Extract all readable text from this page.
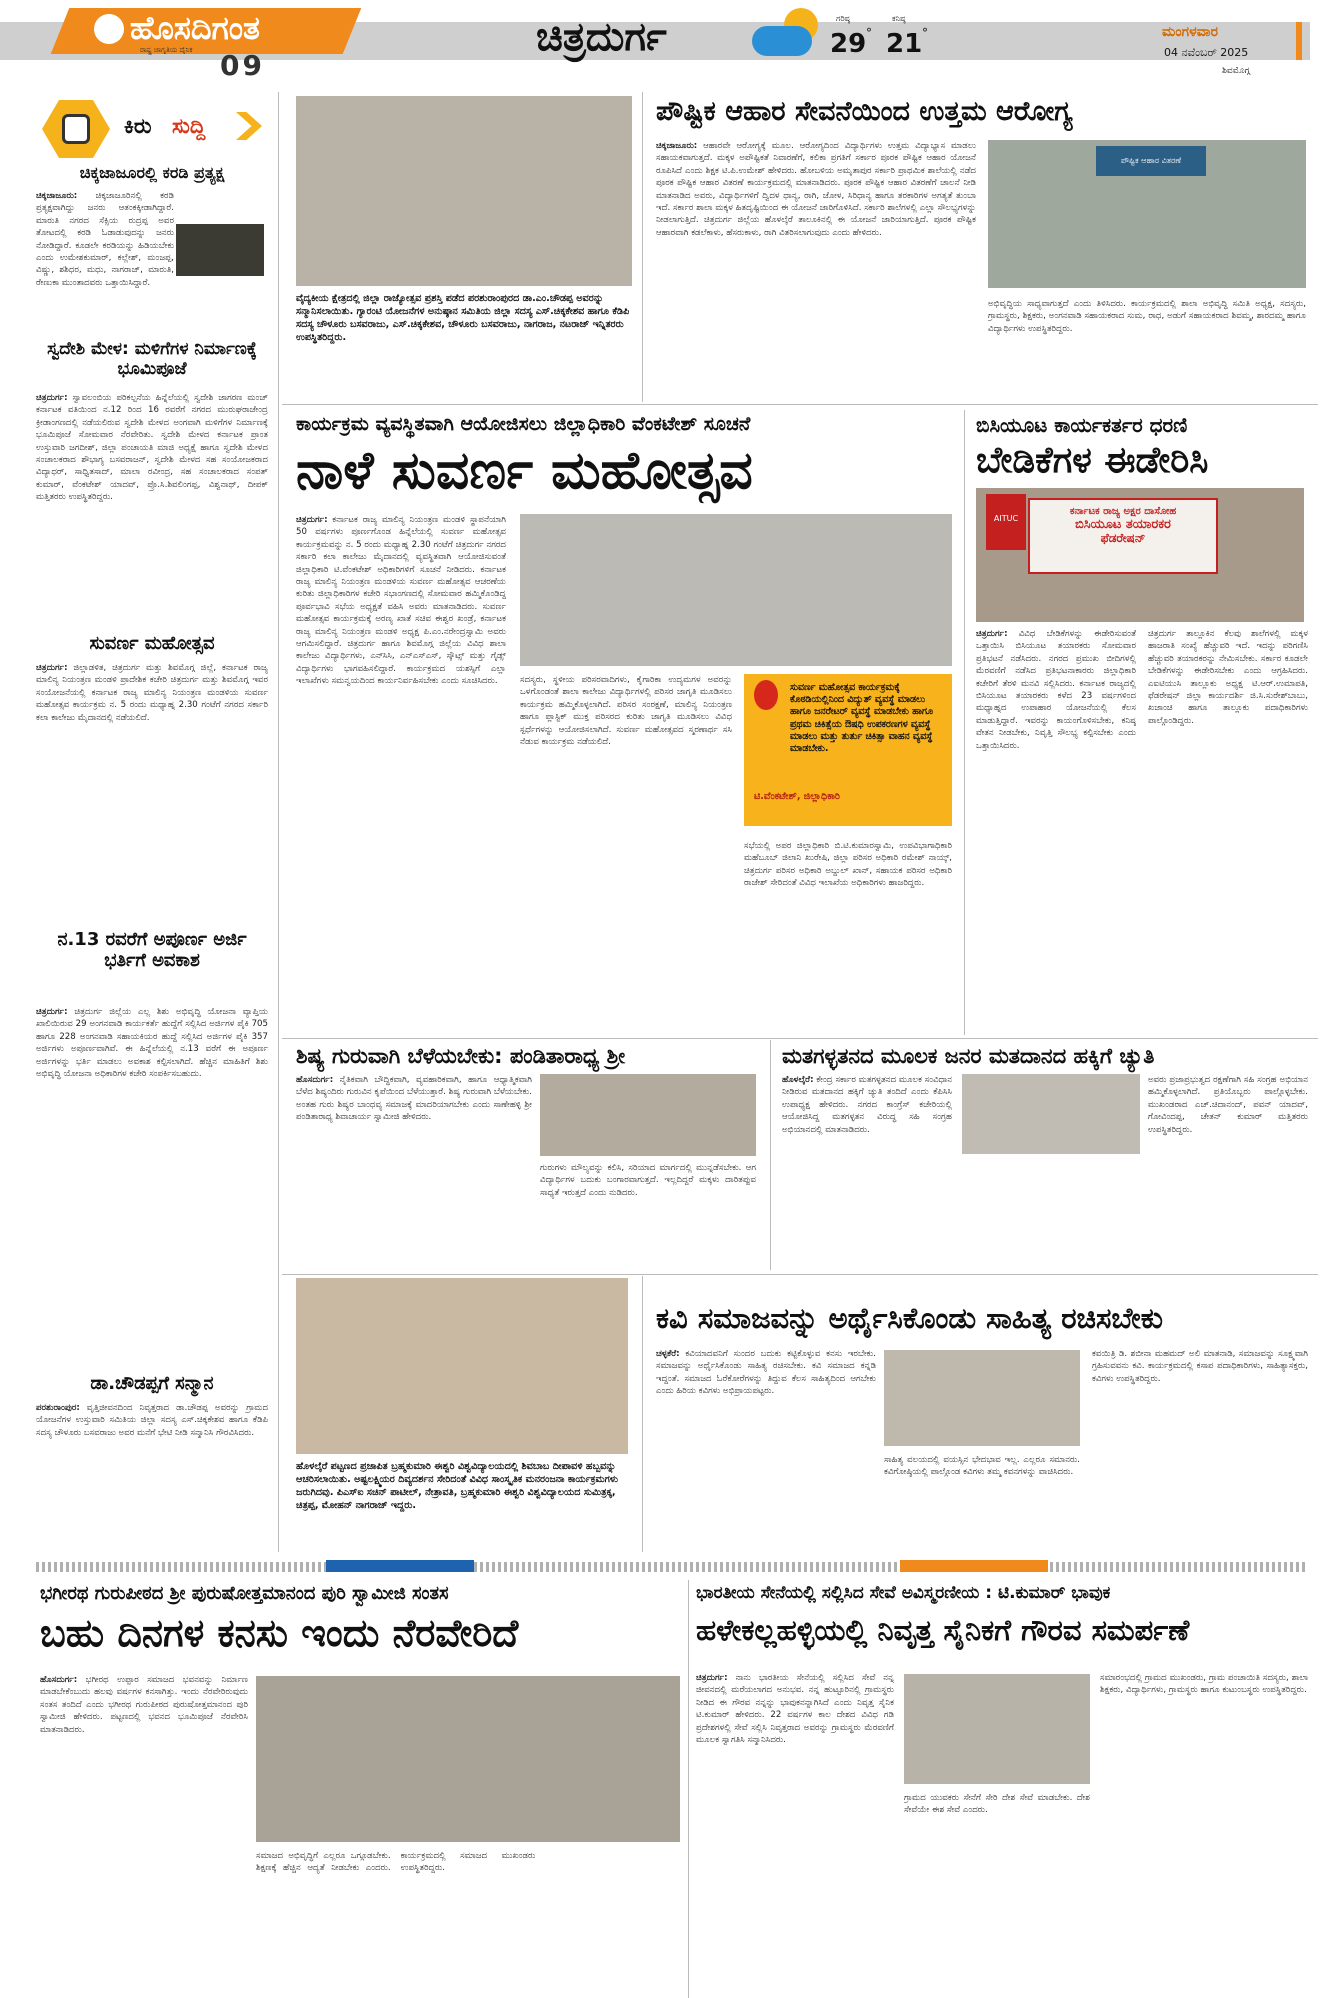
ಹೊಸದಿಗಂತ
ರಾಷ್ಟ್ರ ಜಾಗೃತಿಯ ದೈನಿಕ 09
ಚಿತ್ರದುರ್ಗ	ಗರಿಷ್ಠ
29 °
ಕನಿಷ್ಠ
21 °	ಮಂಗಳವಾರ
04 ನವೆಂಬರ್ 2025
ಶಿವಮೊಗ್ಗ
ಕಿರು ಸುದ್ದಿ
ಚಿಕ್ಕಜಾಜೂರಲ್ಲಿ ಕರಡಿ ಪ್ರತ್ಯಕ್ಷ
ಚಿಕ್ಕಜಾಜೂರು: ಚಿಕ್ಕಜಾಜೂರಿನಲ್ಲಿ ಕರಡಿ ಪ್ರತ್ಯಕ್ಷವಾಗಿದ್ದು ಜನರು ಆತಂಕಕ್ಕೀಡಾಗಿದ್ದಾರೆ. ಮಾರುತಿ ನಗರದ ಸೆಕ್ಸಿಯ ರುದ್ರಪ್ಪ ಅವರ ತೋಟದಲ್ಲಿ ಕರಡಿ ಓಡಾಡುವುದನ್ನು ಜನರು ನೋಡಿದ್ದಾರೆ. ಕೂಡಲೇ ಕರಡಿಯನ್ನು ಹಿಡಿಯಬೇಕು ಎಂದು ಉಮೇಶಕುಮಾರ್, ಕಲ್ಲೇಶ್, ಮಂಜಪ್ಪ, ವಿಷ್ಣು, ಶಶಿಧರ, ಮಧು, ನಾಗರಾಜ್, ಮಾರುತಿ, ರೇಣುಕಾ ಮುಂತಾದವರು ಒತ್ತಾಯಿಸಿದ್ದಾರೆ.
ಸ್ವದೇಶಿ ಮೇಳ: ಮಳಿಗೆಗಳ ನಿರ್ಮಾಣಕ್ಕೆ ಭೂಮಿಪೂಜೆ
ಚಿತ್ರದುರ್ಗ: ಸ್ವಾವಲಂಬಿಯ ಪರಿಕಲ್ಪನೆಯ ಹಿನ್ನೆಲೆಯಲ್ಲಿ ಸ್ವದೇಶಿ ಜಾಗರಣ ಮಂಚ್ ಕರ್ನಾಟಕ ವತಿಯಿಂದ ನ.12 ರಿಂದ 16 ರವರೆಗೆ ನಗರದ ಮುರುಘರಾಜೇಂದ್ರ ಕ್ರೀಡಾಂಗಣದಲ್ಲಿ ನಡೆಯಲಿರುವ ಸ್ವದೇಶಿ ಮೇಳದ ಅಂಗವಾಗಿ ಮಳಿಗೆಗಳ ನಿರ್ಮಾಣಕ್ಕೆ ಭೂಮಿಪೂಜೆ ಸೋಮವಾರ ನೆರವೇರಿತು. ಸ್ವದೇಶಿ ಮೇಳದ ಕರ್ನಾಟಕ ಪ್ರಾಂತ ಉಸ್ತುವಾರಿ ಜಗದೀಶ್, ಜಿಲ್ಲಾ ಪಂಚಾಯತಿ ಮಾಜಿ ಅಧ್ಯಕ್ಷೆ ಹಾಗೂ ಸ್ವದೇಶಿ ಮೇಳದ ಸಂಚಾಲಕರಾದ ಶೌಭಾಗ್ಯ ಬಸವರಾಜನ್, ಸ್ವದೇಶಿ ಮೇಳದ ಸಹ ಸಂಯೋಜಕರಾದ ವಿದ್ಯಾಧರ್, ಸಾಧ್ವಿತಸಾದ್, ಮಾಲಾ ರವೀಂದ್ರ, ಸಹ ಸಂಚಾಲಕರಾದ ಸಂಪತ್ ಕುಮಾರ್, ವೆಂಕಟೇಶ್ ಯಾದವ್, ಪ್ರೊ.ಸಿ.ಶಿವಲಿಂಗಪ್ಪ, ವಿಶ್ವನಾಥ್, ದೀಪಕ್ ಮತ್ತಿತರರು ಉಪಸ್ಥಿತರಿದ್ದರು.
ಸುವರ್ಣ ಮಹೋತ್ಸವ
ಚಿತ್ರದುರ್ಗ: ಜಿಲ್ಲಾಡಳಿತ, ಚಿತ್ರದುರ್ಗ ಮತ್ತು ಶಿವಮೊಗ್ಗ ಜಿಲ್ಲೆ, ಕರ್ನಾಟಕ ರಾಜ್ಯ ಮಾಲಿನ್ಯ ನಿಯಂತ್ರಣ ಮಂಡಳಿ ಪ್ರಾದೇಶಿಕ ಕಚೇರಿ ಚಿತ್ರದುರ್ಗ ಮತ್ತು ಶಿವಮೊಗ್ಗ ಇವರ ಸಂಯೋಜನೆಯಲ್ಲಿ ಕರ್ನಾಟಕ ರಾಜ್ಯ ಮಾಲಿನ್ಯ ನಿಯಂತ್ರಣ ಮಂಡಳಿಯ ಸುವರ್ಣ ಮಹೋತ್ಸವ ಕಾರ್ಯಕ್ರಮ ನ. 5 ರಂದು ಮಧ್ಯಾಹ್ನ 2.30 ಗಂಟೆಗೆ ನಗರದ ಸರ್ಕಾರಿ ಕಲಾ ಕಾಲೇಜು ಮೈದಾನದಲ್ಲಿ ನಡೆಯಲಿದೆ.
ನ.13 ರವರೆಗೆ ಅಪೂರ್ಣ ಅರ್ಜಿ ಭರ್ತಿಗೆ ಅವಕಾಶ
ಚಿತ್ರದುರ್ಗ: ಚಿತ್ರದುರ್ಗ ಜಿಲ್ಲೆಯ ಎಲ್ಲ ಶಿಶು ಅಭಿವೃದ್ಧಿ ಯೋಜನಾ ವ್ಯಾಪ್ತಿಯ ಖಾಲಿಯಿರುವ 29 ಅಂಗನವಾಡಿ ಕಾರ್ಯಕರ್ತೆ ಹುದ್ದೆಗೆ ಸಲ್ಲಿಸಿದ ಅರ್ಜಿಗಳ ಪೈಕಿ 705 ಹಾಗೂ 228 ಅಂಗನವಾಡಿ ಸಹಾಯಕಿಯರ ಹುದ್ದೆ ಸಲ್ಲಿಸಿದ ಅರ್ಜಿಗಳ ಪೈಕಿ 357 ಅರ್ಜಿಗಳು ಅಪೂರ್ಣವಾಗಿವೆ. ಈ ಹಿನ್ನೆಲೆಯಲ್ಲಿ ನ.13 ವರೆಗೆ ಈ ಅಪೂರ್ಣ ಅರ್ಜಿಗಳನ್ನು ಭರ್ತಿ ಮಾಡಲು ಅವಕಾಶ ಕಲ್ಪಿಸಲಾಗಿದೆ. ಹೆಚ್ಚಿನ ಮಾಹಿತಿಗೆ ಶಿಶು ಅಭಿವೃದ್ಧಿ ಯೋಜನಾ ಅಧಿಕಾರಿಗಳ ಕಚೇರಿ ಸಂಪರ್ಕಿಸಬಹುದು.
ಡಾ.ಚೌಡಪ್ಪಗೆ ಸನ್ಮಾನ
ಪರಶುರಾಂಪುರ: ವೃತ್ತಿಜೀವನದಿಂದ ನಿವೃತ್ತರಾದ ಡಾ.ಚೌಡಪ್ಪ ಅವರನ್ನು ಗ್ರಾಮದ ಯೋಜನೆಗಳ ಉಸ್ತುವಾರಿ ಸಮಿತಿಯ ಜಿಲ್ಲಾ ಸದಸ್ಯ ಎಸ್.ಚಿಕ್ಕಕೇಶವ ಹಾಗೂ ಕೆಡಿಪಿ ಸದಸ್ಯ ಚೌಳೂರು ಬಸವರಾಜು ಅವರ ಮನೆಗೆ ಭೇಟಿ ನೀಡಿ ಸನ್ಮಾನಿಸಿ ಗೌರವಿಸಿದರು.
ವೈದ್ಯಕೀಯ ಕ್ಷೇತ್ರದಲ್ಲಿ ಜಿಲ್ಲಾ ರಾಜ್ಯೋತ್ಸವ ಪ್ರಶಸ್ತಿ ಪಡೆದ ಪರಶುರಾಂಪುರದ ಡಾ.ಎಂ.ಚೌಡಪ್ಪ ಅವರನ್ನು ಸನ್ಮಾನಿಸಲಾಯಿತು. ಗ್ಯಾರಂಟಿ ಯೋಜನೆಗಳ ಅನುಷ್ಠಾನ ಸಮಿತಿಯ ಜಿಲ್ಲಾ ಸದಸ್ಯ ಎಸ್.ಚಿಕ್ಕಕೇಶವ ಹಾಗೂ ಕೆಡಿಪಿ ಸದಸ್ಯ ಚೌಳೂರು ಬಸವರಾಜು, ಎಸ್.ಚಿಕ್ಕಕೇಶವ, ಚೌಳೂರು ಬಸವರಾಜು, ನಾಗರಾಜ, ನಟರಾಜ್ ಇನ್ನಿತರರು ಉಪಸ್ಥಿತರಿದ್ದರು.
ಪೌಷ್ಟಿಕ ಆಹಾರ ಸೇವನೆಯಿಂದ ಉತ್ತಮ ಆರೋಗ್ಯ
ಚಿಕ್ಕಜಾಜೂರು: ಆಹಾರವೇ ಆರೋಗ್ಯಕ್ಕೆ ಮೂಲ. ಆರೋಗ್ಯದಿಂದ ವಿದ್ಯಾರ್ಥಿಗಳು ಉತ್ತಮ ವಿದ್ಯಾಭ್ಯಾಸ ಮಾಡಲು ಸಹಾಯಕವಾಗುತ್ತದೆ. ಮಕ್ಕಳ ಅಪೌಷ್ಟಿಕತೆ ನಿವಾರಣೆಗೆ, ಕಲಿಕಾ ಪ್ರಗತಿಗೆ ಸರ್ಕಾರ ಪೂರಕ ಪೌಷ್ಟಿಕ ಆಹಾರ ಯೋಜನೆ ರೂಪಿಸಿದೆ ಎಂದು ಶಿಕ್ಷಕ ಟಿ.ಪಿ.ಉಮೇಶ್ ಹೇಳಿದರು. ಹೋಬಳಿಯ ಅಮೃತಾಪುರ ಸರ್ಕಾರಿ ಪ್ರಾಥಮಿಕ ಶಾಲೆಯಲ್ಲಿ ನಡೆದ ಪೂರಕ ಪೌಷ್ಟಿಕ ಆಹಾರ ವಿತರಣೆ ಕಾರ್ಯಕ್ರಮದಲ್ಲಿ ಮಾತನಾಡಿದರು. ಪೂರಕ ಪೌಷ್ಟಿಕ ಆಹಾರ ವಿತರಣೆಗೆ ಚಾಲನೆ ನೀಡಿ ಮಾತನಾಡಿದ ಅವರು, ವಿದ್ಯಾರ್ಥಿಗಳಿಗೆ ದ್ವಿದಳ ಧಾನ್ಯ, ರಾಗಿ, ಜೋಳ, ಸಿರಿಧಾನ್ಯ ಹಾಗೂ ತರಕಾರಿಗಳ ಅಗತ್ಯತೆ ತುಂಬಾ ಇದೆ. ಸರ್ಕಾರ ಶಾಲಾ ಮಕ್ಕಳ ಹಿತದೃಷ್ಟಿಯಿಂದ ಈ ಯೋಜನೆ ಜಾರಿಗೊಳಿಸಿದೆ. ಸರ್ಕಾರಿ ಶಾಲೆಗಳಲ್ಲಿ ಎಲ್ಲಾ ಸೌಲಭ್ಯಗಳನ್ನು ನೀಡಲಾಗುತ್ತಿದೆ. ಚಿತ್ರದುರ್ಗ ಜಿಲ್ಲೆಯ ಹೊಳಲ್ಕೆರೆ ತಾಲೂಕಿನಲ್ಲಿ ಈ ಯೋಜನೆ ಜಾರಿಯಾಗುತ್ತಿದೆ. ಪೂರಕ ಪೌಷ್ಟಿಕ ಆಹಾರವಾಗಿ ಕಡಲೆಕಾಳು, ಹೆಸರುಕಾಳು, ರಾಗಿ ವಿತರಿಸಲಾಗುವುದು ಎಂದು ಹೇಳಿದರು.
ಪೌಷ್ಟಿಕ ಆಹಾರ ವಿತರಣೆ
ಅಭಿವೃದ್ಧಿಯ ಸಾಧ್ಯವಾಗುತ್ತದೆ ಎಂದು ತಿಳಿಸಿದರು. ಕಾರ್ಯಕ್ರಮದಲ್ಲಿ ಶಾಲಾ ಅಭಿವೃದ್ಧಿ ಸಮಿತಿ ಅಧ್ಯಕ್ಷ, ಸದಸ್ಯರು, ಗ್ರಾಮಸ್ಥರು, ಶಿಕ್ಷಕರು, ಅಂಗನವಾಡಿ ಸಹಾಯಕರಾದ ಸುಮ, ರಾಧ, ಅಡುಗೆ ಸಹಾಯಕರಾದ ಶಿವಮ್ಮ, ಶಾರದಮ್ಮ ಹಾಗೂ ವಿದ್ಯಾರ್ಥಿಗಳು ಉಪಸ್ಥಿತರಿದ್ದರು.
ಕಾರ್ಯಕ್ರಮ ವ್ಯವಸ್ಥಿತವಾಗಿ ಆಯೋಜಿಸಲು ಜಿಲ್ಲಾಧಿಕಾರಿ ವೆಂಕಟೇಶ್ ಸೂಚನೆ
ನಾಳೆ ಸುವರ್ಣ ಮಹೋತ್ಸವ
ಚಿತ್ರದುರ್ಗ: ಕರ್ನಾಟಕ ರಾಜ್ಯ ಮಾಲಿನ್ಯ ನಿಯಂತ್ರಣ ಮಂಡಳಿ ಸ್ಥಾಪನೆಯಾಗಿ 50 ವರ್ಷಗಳು ಪೂರ್ಣಗೊಂಡ ಹಿನ್ನೆಲೆಯಲ್ಲಿ ಸುವರ್ಣ ಮಹೋತ್ಸವ ಕಾರ್ಯಕ್ರಮವನ್ನು ನ. 5 ರಂದು ಮಧ್ಯಾಹ್ನ 2.30 ಗಂಟೆಗೆ ಚಿತ್ರದುರ್ಗ ನಗರದ ಸರ್ಕಾರಿ ಕಲಾ ಕಾಲೇಜು ಮೈದಾನದಲ್ಲಿ ವ್ಯವಸ್ಥಿತವಾಗಿ ಆಯೋಜಿಸುವಂತೆ ಜಿಲ್ಲಾಧಿಕಾರಿ ಟಿ.ವೆಂಕಟೇಶ್ ಅಧಿಕಾರಿಗಳಿಗೆ ಸೂಚನೆ ನೀಡಿದರು. ಕರ್ನಾಟಕ ರಾಜ್ಯ ಮಾಲಿನ್ಯ ನಿಯಂತ್ರಣ ಮಂಡಳಿಯ ಸುವರ್ಣ ಮಹೋತ್ಸವ ಆಚರಣೆಯ ಕುರಿತು ಜಿಲ್ಲಾಧಿಕಾರಿಗಳ ಕಚೇರಿ ಸಭಾಂಗಣದಲ್ಲಿ ಸೋಮವಾರ ಹಮ್ಮಿಕೊಂಡಿದ್ದ ಪೂರ್ವಭಾವಿ ಸಭೆಯ ಅಧ್ಯಕ್ಷತೆ ವಹಿಸಿ ಅವರು ಮಾತನಾಡಿದರು. ಸುವರ್ಣ ಮಹೋತ್ಸವ ಕಾರ್ಯಕ್ರಮಕ್ಕೆ ಅರಣ್ಯ ಖಾತೆ ಸಚಿವ ಈಶ್ವರ ಖಂಡ್ರೆ, ಕರ್ನಾಟಕ ರಾಜ್ಯ ಮಾಲಿನ್ಯ ನಿಯಂತ್ರಣ ಮಂಡಳಿ ಅಧ್ಯಕ್ಷ ಪಿ.ಎಂ.ನರೇಂದ್ರಸ್ವಾಮಿ ಅವರು ಆಗಮಿಸಲಿದ್ದಾರೆ. ಚಿತ್ರದುರ್ಗ ಹಾಗೂ ಶಿವಮೊಗ್ಗ ಜಿಲ್ಲೆಯ ವಿವಿಧ ಶಾಲಾ ಕಾಲೇಜು ವಿದ್ಯಾರ್ಥಿಗಳು, ಎನ್‍ಸಿಸಿ, ಎನ್‍ಎಸ್‍ಎಸ್, ಸ್ಕೌಟ್ಸ್ ಮತ್ತು ಗೈಡ್ಸ್ ವಿದ್ಯಾರ್ಥಿಗಳು ಭಾಗವಹಿಸಲಿದ್ದಾರೆ. ಕಾರ್ಯಕ್ರಮದ ಯಶಸ್ಸಿಗೆ ಎಲ್ಲಾ ಇಲಾಖೆಗಳು ಸಮನ್ವಯದಿಂದ ಕಾರ್ಯನಿರ್ವಹಿಸಬೇಕು ಎಂದು ಸೂಚಿಸಿದರು.	ಸದಸ್ಯರು, ಸ್ಥಳೀಯ ಪರಿಸರವಾದಿಗಳು, ಕೈಗಾರಿಕಾ ಉದ್ಯಮಗಳ ಅವರನ್ನು ಒಳಗೊಂಡಂತೆ ಶಾಲಾ ಕಾಲೇಜು ವಿದ್ಯಾರ್ಥಿಗಳಲ್ಲಿ ಪರಿಸರ ಜಾಗೃತಿ ಮೂಡಿಸಲು ಕಾರ್ಯಕ್ರಮ ಹಮ್ಮಿಕೊಳ್ಳಲಾಗಿದೆ. ಪರಿಸರ ಸಂರಕ್ಷಣೆ, ಮಾಲಿನ್ಯ ನಿಯಂತ್ರಣ ಹಾಗೂ ಪ್ಲಾಸ್ಟಿಕ್ ಮುಕ್ತ ಪರಿಸರದ ಕುರಿತು ಜಾಗೃತಿ ಮೂಡಿಸಲು ವಿವಿಧ ಸ್ಪರ್ಧೆಗಳನ್ನು ಆಯೋಜಿಸಲಾಗಿದೆ. ಸುವರ್ಣ ಮಹೋತ್ಸವದ ಸ್ಮರಣಾರ್ಥ ಸಸಿ ನೆಡುವ ಕಾರ್ಯಕ್ರಮ ನಡೆಯಲಿದೆ.
ಸುವರ್ಣ ಮಹೋತ್ಸವ ಕಾರ್ಯಕ್ರಮಕ್ಕೆ ಕೊಠಡಿಯಲ್ಲಿನಿಂದ ವಿದ್ಯುತ್ ವ್ಯವಸ್ಥೆ ಮಾಡಲು ಹಾಗೂ ಜನರೇಟರ್ ವ್ಯವಸ್ಥೆ ಮಾಡಬೇಕು ಹಾಗೂ ಪ್ರಥಮ ಚಿಕಿತ್ಸೆಯ ಔಷಧಿ ಉಪಕರಣಗಳ ವ್ಯವಸ್ಥೆ ಮಾಡಲು ಮತ್ತು ತುರ್ತು ಚಿಕಿತ್ಸಾ ವಾಹನ ವ್ಯವಸ್ಥೆ ಮಾಡಬೇಕು.
ಟಿ.ವೆಂಕಟೇಶ್, ಜಿಲ್ಲಾಧಿಕಾರಿ
ಸಭೆಯಲ್ಲಿ ಅಪರ ಜಿಲ್ಲಾಧಿಕಾರಿ ಬಿ.ಟಿ.ಕುಮಾರಸ್ವಾಮಿ, ಉಪವಿಭಾಗಾಧಿಕಾರಿ ಮಹೆಬೂಬ್ ಜಿಲಾನಿ ಖುರೇಷಿ, ಜಿಲ್ಲಾ ಪರಿಸರ ಅಧಿಕಾರಿ ರಮೇಶ್ ನಾಯ್ಕ್, ಚಿತ್ರದುರ್ಗ ಪರಿಸರ ಅಧಿಕಾರಿ ಅಬ್ದುಲ್ ಖಾನ್, ಸಹಾಯಕ ಪರಿಸರ ಅಧಿಕಾರಿ ರಾಜೇಶ್ ಸೇರಿದಂತೆ ವಿವಿಧ ಇಲಾಖೆಯ ಅಧಿಕಾರಿಗಳು ಹಾಜರಿದ್ದರು.
ಬಿಸಿಯೂಟ ಕಾರ್ಯಕರ್ತರ ಧರಣಿ
ಬೇಡಿಕೆಗಳ ಈಡೇರಿಸಿ
ಕರ್ನಾಟಕ ರಾಜ್ಯ ಅಕ್ಷರ ದಾಸೋಹ
ಬಿಸಿಯೂಟ ತಯಾರಕರ
ಫೆಡರೇಷನ್
AITUC
ಚಿತ್ರದುರ್ಗ: ವಿವಿಧ ಬೇಡಿಕೆಗಳನ್ನು ಈಡೇರಿಸುವಂತೆ ಒತ್ತಾಯಿಸಿ ಬಿಸಿಯೂಟ ತಯಾರಕರು ಸೋಮವಾರ ಪ್ರತಿಭಟನೆ ನಡೆಸಿದರು. ನಗರದ ಪ್ರಮುಖ ಬೀದಿಗಳಲ್ಲಿ ಮೆರವಣಿಗೆ ನಡೆಸಿದ ಪ್ರತಿಭಟನಾಕಾರರು ಜಿಲ್ಲಾಧಿಕಾರಿ ಕಚೇರಿಗೆ ತೆರಳಿ ಮನವಿ ಸಲ್ಲಿಸಿದರು. ಕರ್ನಾಟಕ ರಾಜ್ಯದಲ್ಲಿ ಬಿಸಿಯೂಟ ತಯಾರಕರು ಕಳೆದ 23 ವರ್ಷಗಳಿಂದ ಮಧ್ಯಾಹ್ನದ ಉಪಾಹಾರ ಯೋಜನೆಯಲ್ಲಿ ಕೆಲಸ ಮಾಡುತ್ತಿದ್ದಾರೆ. ಇವರನ್ನು ಕಾಯಂಗೊಳಿಸಬೇಕು, ಕನಿಷ್ಠ ವೇತನ ನೀಡಬೇಕು, ನಿವೃತ್ತಿ ಸೌಲಭ್ಯ ಕಲ್ಪಿಸಬೇಕು ಎಂದು ಒತ್ತಾಯಿಸಿದರು.
ಚಿತ್ರದುರ್ಗ ತಾಲ್ಲೂಕಿನ ಕೆಲವು ಶಾಲೆಗಳಲ್ಲಿ ಮಕ್ಕಳ ಹಾಜರಾತಿ ಸಂಖ್ಯೆ ಹೆಚ್ಚುವರಿ ಇದೆ. ಇದನ್ನು ಪರಿಗಣಿಸಿ ಹೆಚ್ಚುವರಿ ತಯಾರಕರನ್ನು ನೇಮಿಸಬೇಕು. ಸರ್ಕಾರ ಕೂಡಲೇ ಬೇಡಿಕೆಗಳನ್ನು ಈಡೇರಿಸಬೇಕು ಎಂದು ಆಗ್ರಹಿಸಿದರು. ಎಐಟಿಯುಸಿ ತಾಲ್ಲೂಕು ಅಧ್ಯಕ್ಷ ಟಿ.ಆರ್.ಉಮಾಪತಿ, ಫೆಡರೇಷನ್ ಜಿಲ್ಲಾ ಕಾರ್ಯದರ್ಶಿ ಜಿ.ಸಿ.ಸುರೇಶ್‍ಬಾಬು, ಖಜಾಂಚಿ ಹಾಗೂ ತಾಲ್ಲೂಕು ಪದಾಧಿಕಾರಿಗಳು ಪಾಲ್ಗೊಂಡಿದ್ದರು.
ಶಿಷ್ಯ ಗುರುವಾಗಿ ಬೆಳೆಯಬೇಕು: ಪಂಡಿತಾರಾಧ್ಯ ಶ್ರೀ
ಹೊಸದುರ್ಗ: ನೈತಿಕವಾಗಿ ಬೌದ್ಧಿಕವಾಗಿ, ವ್ಯವಹಾರಿಕವಾಗಿ, ಹಾಗೂ ಆಧ್ಯಾತ್ಮಿಕವಾಗಿ ಬೆಳೆದ ಶಿಷ್ಯಂದಿರು ಗುರುವಿನ ಕೃಪೆಯಿಂದ ಬೆಳೆಯುತ್ತಾರೆ. ಶಿಷ್ಯ ಗುರುವಾಗಿ ಬೆಳೆಯಬೇಕು. ಅಂತಹ ಗುರು ಶಿಷ್ಯರ ಬಾಂಧವ್ಯ ಸಮಾಜಕ್ಕೆ ಮಾದರಿಯಾಗಬೇಕು ಎಂದು ಸಾಣೇಹಳ್ಳಿ ಶ್ರೀ ಪಂಡಿತಾರಾಧ್ಯ ಶಿವಾಚಾರ್ಯ ಸ್ವಾಮೀಜಿ ಹೇಳಿದರು.
ಗುರುಗಳು ಮೌಲ್ಯವನ್ನು ಕಲಿಸಿ, ಸರಿಯಾದ ಮಾರ್ಗದಲ್ಲಿ ಮುನ್ನಡೆಸಬೇಕು. ಆಗ ವಿದ್ಯಾರ್ಥಿಗಳ ಬದುಕು ಬಂಗಾರವಾಗುತ್ತದೆ. ಇಲ್ಲದಿದ್ದರೆ ಮಕ್ಕಳು ದಾರಿತಪ್ಪುವ ಸಾಧ್ಯತೆ ಇರುತ್ತದೆ ಎಂದು ನುಡಿದರು.
ಮತಗಳ್ಳತನದ ಮೂಲಕ ಜನರ ಮತದಾನದ ಹಕ್ಕಿಗೆ ಚ್ಯುತಿ
ಹೊಳಲ್ಕೆರೆ: ಕೇಂದ್ರ ಸರ್ಕಾರ ಮತಗಳ್ಳತನದ ಮೂಲಕ ಸಂವಿಧಾನ ನೀಡಿರುವ ಮತದಾನದ ಹಕ್ಕಿಗೆ ಚ್ಯುತಿ ತಂದಿದೆ ಎಂದು ಕೆಪಿಸಿಸಿ ಉಪಾಧ್ಯಕ್ಷ ಹೇಳಿದರು. ನಗರದ ಕಾಂಗ್ರೆಸ್ ಕಚೇರಿಯಲ್ಲಿ ಆಯೋಜಿಸಿದ್ದ ಮತಗಳ್ಳತನ ವಿರುದ್ಧ ಸಹಿ ಸಂಗ್ರಹ ಅಭಿಯಾನದಲ್ಲಿ ಮಾತನಾಡಿದರು.
ಅವರು ಪ್ರಜಾಪ್ರಭುತ್ವದ ರಕ್ಷಣೆಗಾಗಿ ಸಹಿ ಸಂಗ್ರಹ ಅಭಿಯಾನ ಹಮ್ಮಿಕೊಳ್ಳಲಾಗಿದೆ. ಪ್ರತಿಯೊಬ್ಬರು ಪಾಲ್ಗೊಳ್ಳಬೇಕು. ಮುಖಂಡರಾದ ಎಚ್.ಚಿದಾನಂದ್, ಪವನ್ ಯಾದವ್, ಗೋವಿಂದಪ್ಪ, ಚೇತನ್ ಕುಮಾರ್ ಮತ್ತಿತರರು ಉಪಸ್ಥಿತರಿದ್ದರು.
ಹೊಳಲ್ಕೆರೆ ಪಟ್ಟಣದ ಪ್ರಜಾಪಿತ ಬ್ರಹ್ಮಕುಮಾರಿ ಈಶ್ವರಿ ವಿಶ್ವವಿದ್ಯಾಲಯದಲ್ಲಿ ಶಿವಬಾಬ ದೀಪಾವಳಿ ಹಬ್ಬವನ್ನು ಆಚರಿಸಲಾಯಿತು. ಅಷ್ಟಲಕ್ಷ್ಮಿಯರ ದಿವ್ಯದರ್ಶನ ಸೇರಿದಂತೆ ವಿವಿಧ ಸಾಂಸ್ಕೃತಿಕ ಮನರಂಜನಾ ಕಾರ್ಯಕ್ರಮಗಳು ಜರುಗಿದವು. ಪಿಎಸ್‍ಐ ಸಚಿನ್ ಪಾಟೀಲ್, ನೇತ್ರಾವತಿ, ಬ್ರಹ್ಮಕುಮಾರಿ ಈಶ್ವರಿ ವಿಶ್ವವಿದ್ಯಾಲಯದ ಸುಮಿತ್ರಕ್ಕ, ಚಿತ್ರಪ್ಪ, ಮೋಹನ್ ನಾಗರಾಜ್ ಇದ್ದರು.
ಕವಿ ಸಮಾಜವನ್ನು ಅರ್ಥೈಸಿಕೊಂಡು ಸಾಹಿತ್ಯ ರಚಿಸಬೇಕು
ಚಳ್ಳಕೆರೆ: ಕವಿಯಾದವನಿಗೆ ಸುಂದರ ಬದುಕು ಕಟ್ಟಿಕೊಳ್ಳುವ ಕನಸು ಇರಬೇಕು. ಸಮಾಜವನ್ನು ಅರ್ಥೈಸಿಕೊಂಡು ಸಾಹಿತ್ಯ ರಚಿಸಬೇಕು. ಕವಿ ಸಮಾಜದ ಕನ್ನಡಿ ಇದ್ದಂತೆ. ಸಮಾಜದ ಓರೆಕೋರೆಗಳನ್ನು ತಿದ್ದುವ ಕೆಲಸ ಸಾಹಿತ್ಯದಿಂದ ಆಗಬೇಕು ಎಂದು ಹಿರಿಯ ಕವಿಗಳು ಅಭಿಪ್ರಾಯಪಟ್ಟರು.
ಸಾಹಿತ್ಯ ವಲಯದಲ್ಲಿ ವಯಸ್ಸಿನ ಭೇದಭಾವ ಇಲ್ಲ. ಎಲ್ಲರೂ ಸಮಾನರು. ಕವಿಗೋಷ್ಠಿಯಲ್ಲಿ ಪಾಲ್ಗೊಂಡ ಕವಿಗಳು ತಮ್ಮ ಕವನಗಳನ್ನು ವಾಚಿಸಿದರು.
ಕವಯಿತ್ರಿ ಡಿ. ಶಬೀನಾ ಮಹಮದ್ ಅಲಿ ಮಾತನಾಡಿ, ಸಮಾಜವನ್ನು ಸೂಕ್ಷ್ಮವಾಗಿ ಗ್ರಹಿಸುವವನು ಕವಿ. ಕಾರ್ಯಕ್ರಮದಲ್ಲಿ ಕಸಾಪ ಪದಾಧಿಕಾರಿಗಳು, ಸಾಹಿತ್ಯಾಸಕ್ತರು, ಕವಿಗಳು ಉಪಸ್ಥಿತರಿದ್ದರು.
ಭಗೀರಥ ಗುರುಪೀಠದ ಶ್ರೀ ಪುರುಷೋತ್ತಮಾನಂದ ಪುರಿ ಸ್ವಾಮೀಜಿ ಸಂತಸ
ಬಹು ದಿನಗಳ ಕನಸು ಇಂದು ನೆರವೇರಿದೆ
ಹೊಸದುರ್ಗ: ಭಗೀರಥ ಉಪ್ಪಾರ ಸಮಾಜದ ಭವನವನ್ನು ನಿರ್ಮಾಣ ಮಾಡಬೇಕೆಂಬುದು ಹಲವು ವರ್ಷಗಳ ಕನಸಾಗಿತ್ತು. ಇಂದು ನೆರವೇರಿರುವುದು ಸಂತಸ ತಂದಿದೆ ಎಂದು ಭಗೀರಥ ಗುರುಪೀಠದ ಪುರುಷೋತ್ತಮಾನಂದ ಪುರಿ ಸ್ವಾಮೀಜಿ ಹೇಳಿದರು. ಪಟ್ಟಣದಲ್ಲಿ ಭವನದ ಭೂಮಿಪೂಜೆ ನೆರವೇರಿಸಿ ಮಾತನಾಡಿದರು.
ಸಮಾಜದ ಅಭಿವೃದ್ಧಿಗೆ ಎಲ್ಲರೂ ಒಗ್ಗೂಡಬೇಕು. ಶಿಕ್ಷಣಕ್ಕೆ ಹೆಚ್ಚಿನ ಆದ್ಯತೆ ನೀಡಬೇಕು ಎಂದರು. ಕಾರ್ಯಕ್ರಮದಲ್ಲಿ ಸಮಾಜದ ಮುಖಂಡರು ಉಪಸ್ಥಿತರಿದ್ದರು.
ಭಾರತೀಯ ಸೇನೆಯಲ್ಲಿ ಸಲ್ಲಿಸಿದ ಸೇವೆ ಅವಿಸ್ಮರಣೀಯ : ಟಿ.ಕುಮಾರ್ ಭಾವುಕ
ಹಳೇಕಲ್ಲಹಳ್ಳಿಯಲ್ಲಿ ನಿವೃತ್ತ ಸೈನಿಕಗೆ ಗೌರವ ಸಮರ್ಪಣೆ
ಚಿತ್ರದುರ್ಗ: ನಾನು ಭಾರತೀಯ ಸೇನೆಯಲ್ಲಿ ಸಲ್ಲಿಸಿದ ಸೇವೆ ನನ್ನ ಜೀವನದಲ್ಲಿ ಮರೆಯಲಾಗದ ಅನುಭವ. ನನ್ನ ಹುಟ್ಟೂರಿನಲ್ಲಿ ಗ್ರಾಮಸ್ಥರು ನೀಡಿದ ಈ ಗೌರವ ನನ್ನನ್ನು ಭಾವುಕನನ್ನಾಗಿಸಿದೆ ಎಂದು ನಿವೃತ್ತ ಸೈನಿಕ ಟಿ.ಕುಮಾರ್ ಹೇಳಿದರು. 22 ವರ್ಷಗಳ ಕಾಲ ದೇಶದ ವಿವಿಧ ಗಡಿ ಪ್ರದೇಶಗಳಲ್ಲಿ ಸೇವೆ ಸಲ್ಲಿಸಿ ನಿವೃತ್ತರಾದ ಅವರನ್ನು ಗ್ರಾಮಸ್ಥರು ಮೆರವಣಿಗೆ ಮೂಲಕ ಸ್ವಾಗತಿಸಿ ಸನ್ಮಾನಿಸಿದರು.
ಗ್ರಾಮದ ಯುವಕರು ಸೇನೆಗೆ ಸೇರಿ ದೇಶ ಸೇವೆ ಮಾಡಬೇಕು. ದೇಶ ಸೇವೆಯೇ ಈಶ ಸೇವೆ ಎಂದರು.
ಸಮಾರಂಭದಲ್ಲಿ ಗ್ರಾಮದ ಮುಖಂಡರು, ಗ್ರಾಮ ಪಂಚಾಯಿತಿ ಸದಸ್ಯರು, ಶಾಲಾ ಶಿಕ್ಷಕರು, ವಿದ್ಯಾರ್ಥಿಗಳು, ಗ್ರಾಮಸ್ಥರು ಹಾಗೂ ಕುಟುಂಬಸ್ಥರು ಉಪಸ್ಥಿತರಿದ್ದರು.
